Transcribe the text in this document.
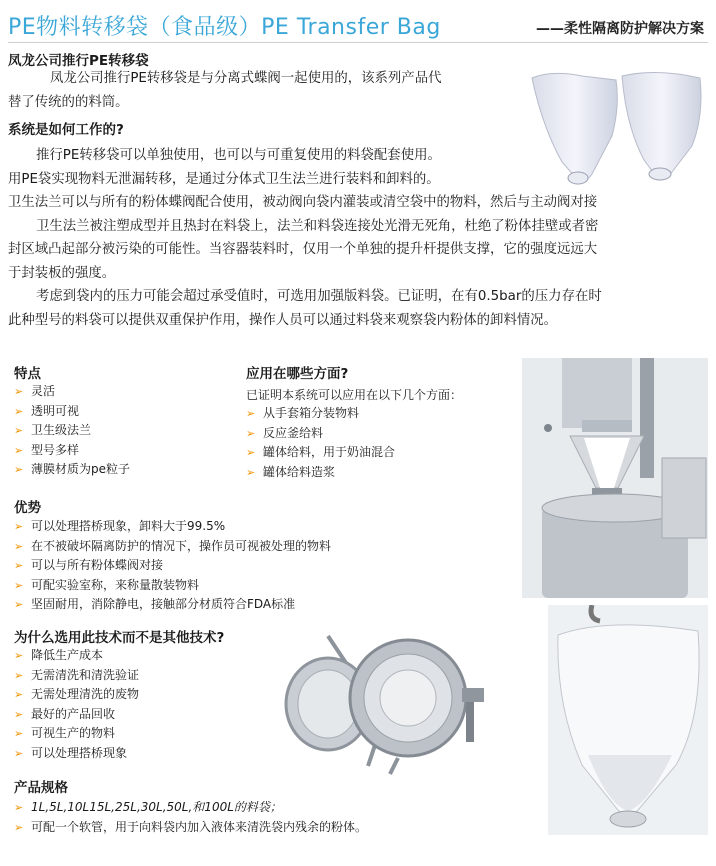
PE物料转移袋（食品级）PE Transfer Bag	——柔性隔离防护解决方案
凤龙公司推行PE转移袋
凤龙公司推行PE转移袋是与分离式蝶阀一起使用的，该系列产品代
替了传统的的料筒。
系统是如何工作的?
推行PE转移袋可以单独使用，也可以与可重复使用的料袋配套使用。
用PE袋实现物料无泄漏转移，是通过分体式卫生法兰进行装料和卸料的。
卫生法兰可以与所有的粉体蝶阀配合使用，被动阀向袋内灌装或清空袋中的物料，然后与主动阀对接
卫生法兰被注塑成型并且热封在料袋上，法兰和料袋连接处光滑无死角，杜绝了粉体挂壁或者密
封区域凸起部分被污染的可能性。当容器装料时，仅用一个单独的提升杆提供支撑，它的强度远远大
于封装板的强度。
考虑到袋内的压力可能会超过承受值时，可选用加强版料袋。已证明，在有0.5bar的压力存在时
此种型号的料袋可以提供双重保护作用，操作人员可以通过料袋来观察袋内粉体的卸料情况。
特点
➢ 灵活
➢ 透明可视
➢ 卫生级法兰
➢ 型号多样
➢ 薄膜材质为pe粒子
应用在哪些方面?
已证明本系统可以应用在以下几个方面：
➢ 从手套箱分装物料
➢ 反应釜给料
➢ 罐体给料，用于奶油混合
➢ 罐体给料造浆
优势
➢ 可以处理搭桥现象，卸料大于99.5%
➢ 在不被破坏隔离防护的情况下，操作员可视被处理的物料
➢ 可以与所有粉体蝶阀对接
➢ 可配实验室称，来称量散装物料
➢ 坚固耐用，消除静电，接触部分材质符合FDA标准
为什么选用此技术而不是其他技术?
➢ 降低生产成本
➢ 无需清洗和清洗验证
➢ 无需处理清洗的废物
➢ 最好的产品回收
➢ 可视生产的物料
➢ 可以处理搭桥现象
产品规格
➢ 1L,5L,10L15L,25L,30L,50L,和100L的料袋；
➢ 可配一个软管，用于向料袋内加入液体来清洗袋内残余的粉体。
